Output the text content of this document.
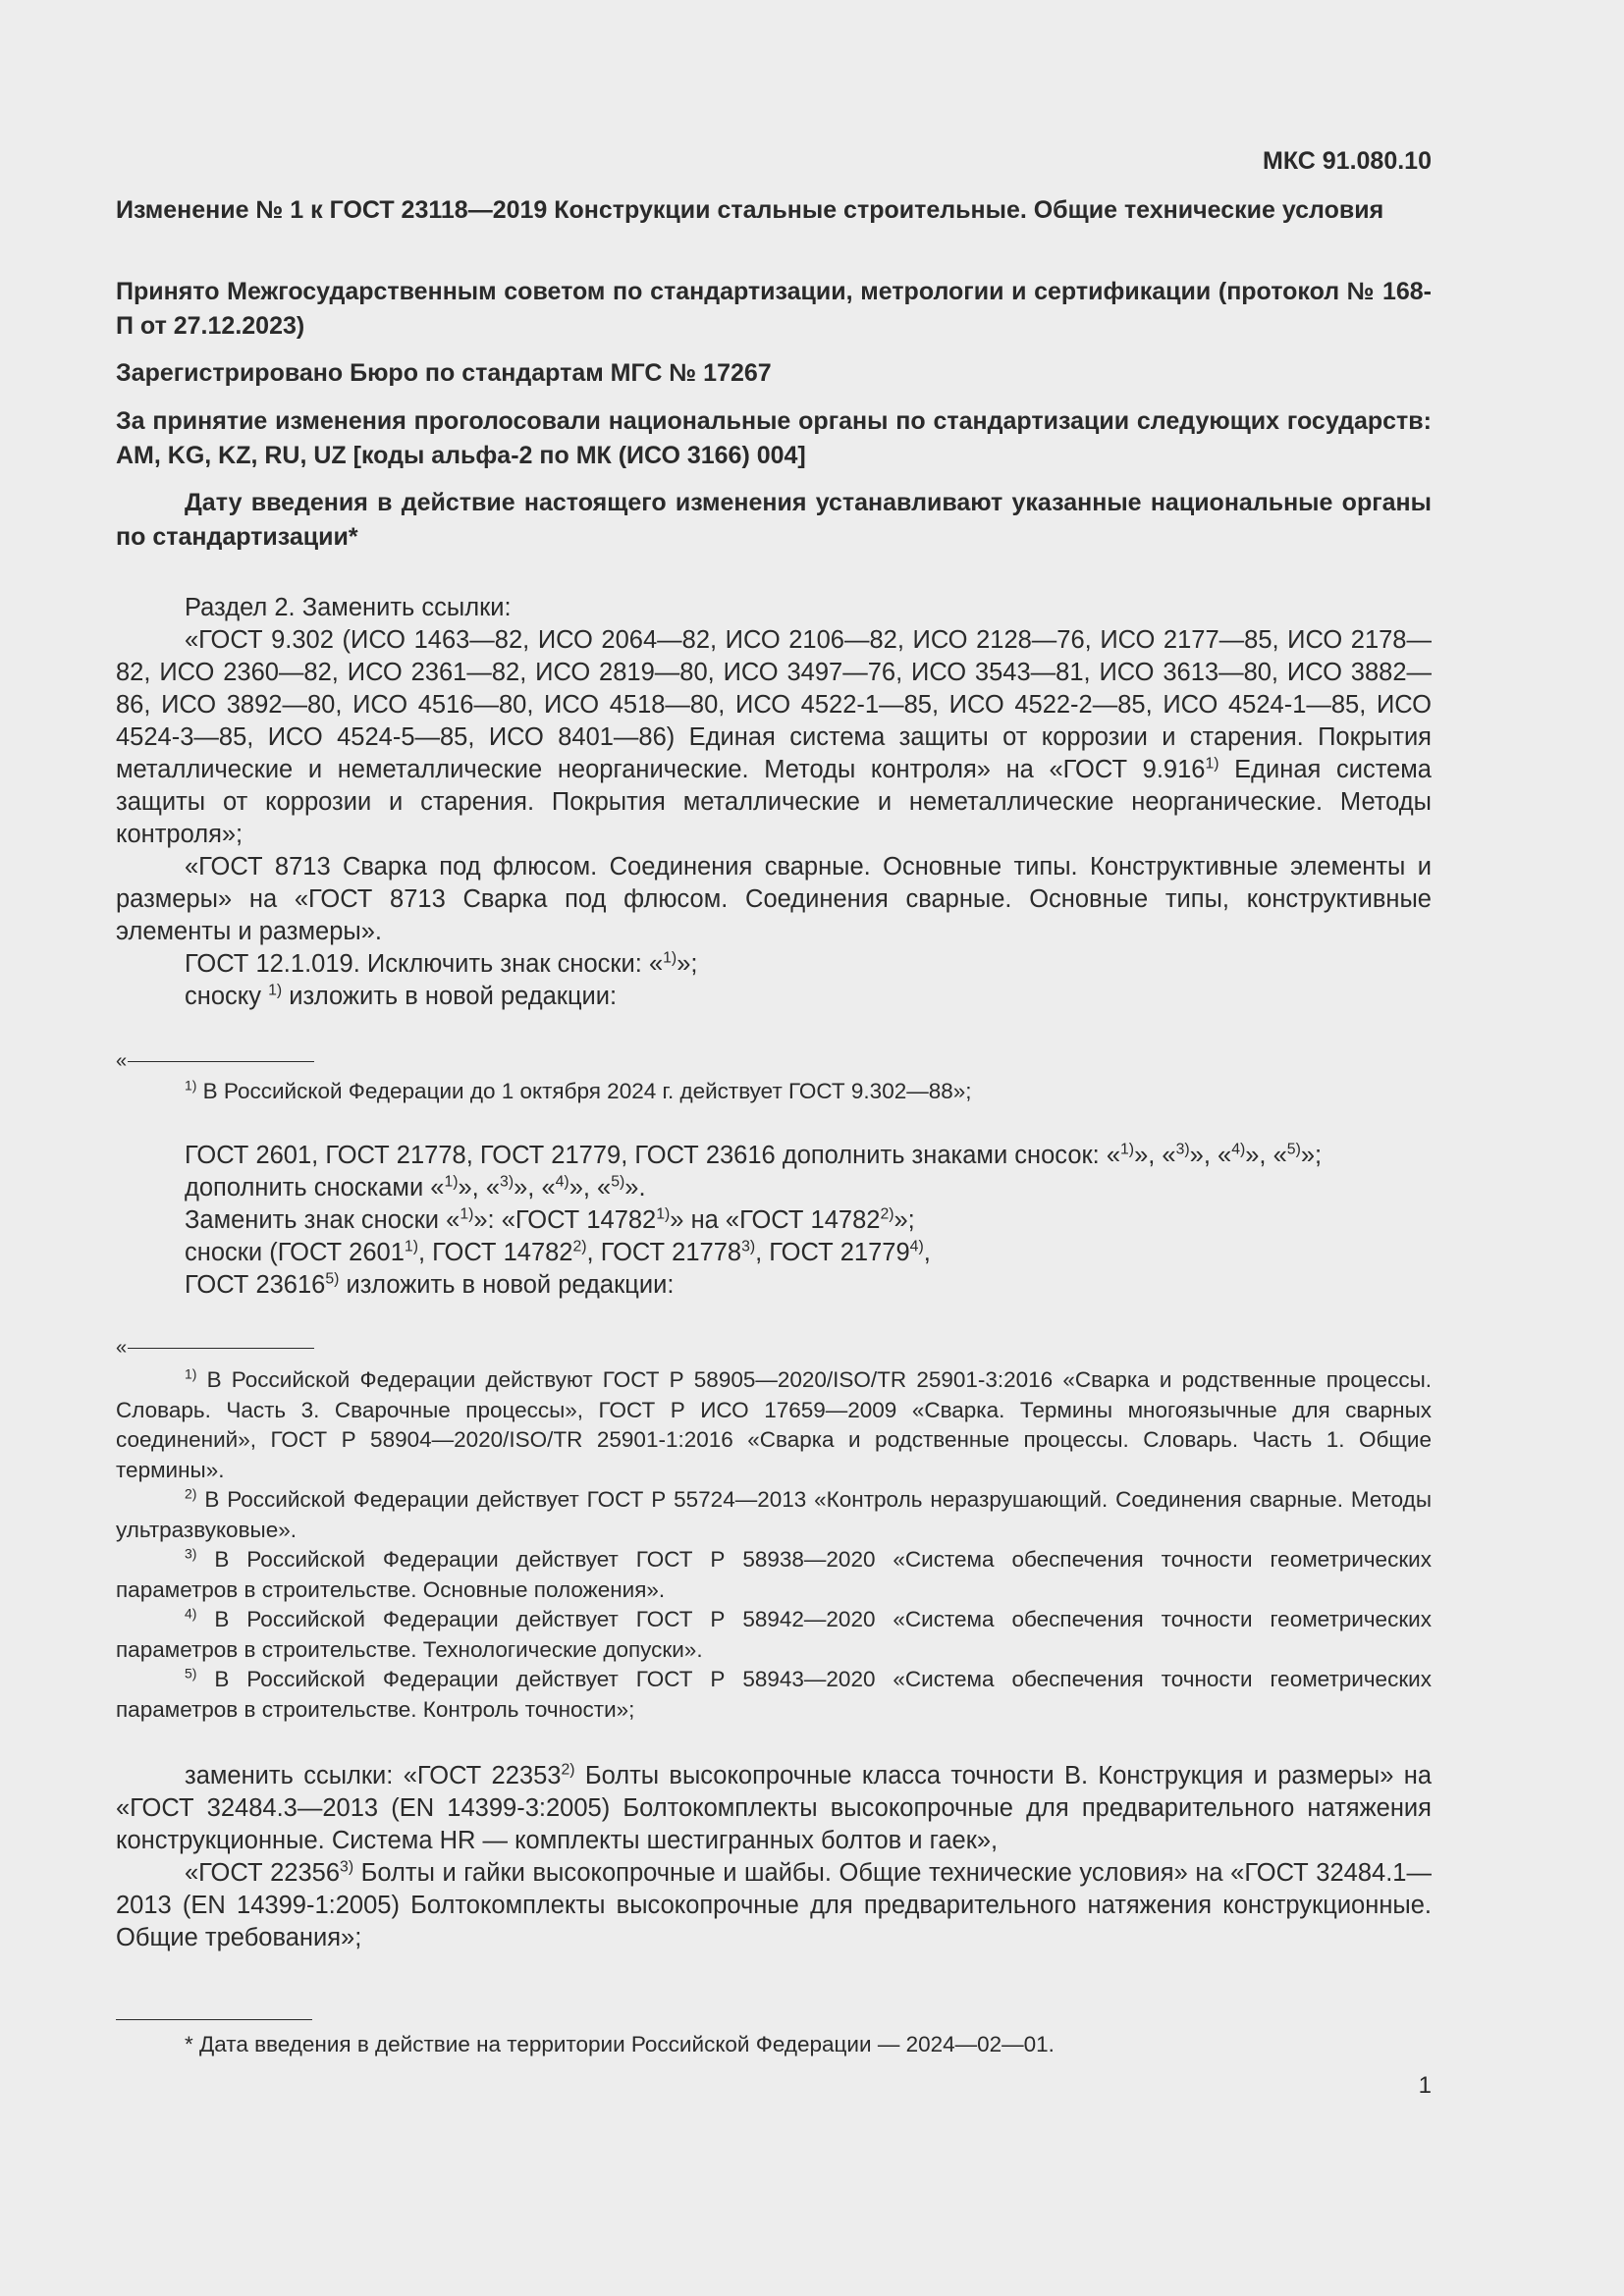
МКС 91.080.10

Изменение № 1 к ГОСТ 23118—2019 Конструкции стальные строительные. Общие технические условия

Принято Межгосударственным советом по стандартизации, метрологии и сертификации (протокол № 168-П от 27.12.2023)

Зарегистрировано Бюро по стандартам МГС № 17267

За принятие изменения проголосовали национальные органы по стандартизации следующих государств: AM, KG, KZ, RU, UZ [коды альфа-2 по МК (ИСО 3166) 004]

Дату введения в действие настоящего изменения устанавливают указанные национальные органы по стандартизации*

Раздел 2. Заменить ссылки:

«ГОСТ 9.302 (ИСО 1463—82, ИСО 2064—82, ИСО 2106—82, ИСО 2128—76, ИСО 2177—85, ИСО 2178—82, ИСО 2360—82, ИСО 2361—82, ИСО 2819—80, ИСО 3497—76, ИСО 3543—81, ИСО 3613—80, ИСО 3882—86, ИСО 3892—80, ИСО 4516—80, ИСО 4518—80, ИСО 4522-1—85, ИСО 4522-2—85, ИСО 4524-1—85, ИСО 4524-3—85, ИСО 4524-5—85, ИСО 8401—86) Единая система защиты от коррозии и старения. Покрытия металлические и неметаллические неорганические. Методы контроля» на «ГОСТ 9.916$^{1)}$ Единая система защиты от коррозии и старения. Покрытия металлические и неметаллические неорганические. Методы контроля»;

«ГОСТ 8713 Сварка под флюсом. Соединения сварные. Основные типы. Конструктивные элементы и размеры» на «ГОСТ 8713 Сварка под флюсом. Соединения сварные. Основные типы, конструктивные элементы и размеры».

ГОСТ 12.1.019. Исключить знак сноски: «$^{1)}$»;

сноску $^{1)}$ изложить в новой редакции:

«

$^{1)}$ В Российской Федерации до 1 октября 2024 г. действует ГОСТ 9.302—88»;

ГОСТ 2601, ГОСТ 21778, ГОСТ 21779, ГОСТ 23616 дополнить знаками сносок: «$^{1)}$», «$^{3)}$», «$^{4)}$», «$^{5)}$»;

дополнить сносками «$^{1)}$», «$^{3)}$», «$^{4)}$», «$^{5)}$».

Заменить знак сноски «$^{1)}$»: «ГОСТ 14782$^{1)}$» на «ГОСТ 14782$^{2)}$»;

сноски (ГОСТ 2601$^{1)}$, ГОСТ 14782$^{2)}$, ГОСТ 21778$^{3)}$, ГОСТ 21779$^{4)}$,

ГОСТ 23616$^{5)}$ изложить в новой редакции:

«

$^{1)}$ В Российской Федерации действуют ГОСТ Р 58905—2020/ISO/TR 25901-3:2016 «Сварка и родственные процессы. Словарь. Часть 3. Сварочные процессы», ГОСТ Р ИСО 17659—2009 «Сварка. Термины многоязычные для сварных соединений», ГОСТ Р 58904—2020/ISO/TR 25901-1:2016 «Сварка и родственные процессы. Словарь. Часть 1. Общие термины».

$^{2)}$ В Российской Федерации действует ГОСТ Р 55724—2013 «Контроль неразрушающий. Соединения сварные. Методы ультразвуковые».

$^{3)}$ В Российской Федерации действует ГОСТ Р 58938—2020 «Система обеспечения точности геометрических параметров в строительстве. Основные положения».

$^{4)}$ В Российской Федерации действует ГОСТ Р 58942—2020 «Система обеспечения точности геометрических параметров в строительстве. Технологические допуски».

$^{5)}$ В Российской Федерации действует ГОСТ Р 58943—2020 «Система обеспечения точности геометрических параметров в строительстве. Контроль точности»;

заменить ссылки: «ГОСТ 22353$^{2)}$ Болты высокопрочные класса точности В. Конструкция и размеры» на «ГОСТ 32484.3—2013 (EN 14399-3:2005) Болтокомплекты высокопрочные для предварительного натяжения конструкционные. Система HR — комплекты шестигранных болтов и гаек»,

«ГОСТ 22356$^{3)}$ Болты и гайки высокопрочные и шайбы. Общие технические условия» на «ГОСТ 32484.1—2013 (EN 14399-1:2005) Болтокомплекты высокопрочные для предварительного натяжения конструкционные. Общие требования»;

* Дата введения в действие на территории Российской Федерации — 2024—02—01.

1
